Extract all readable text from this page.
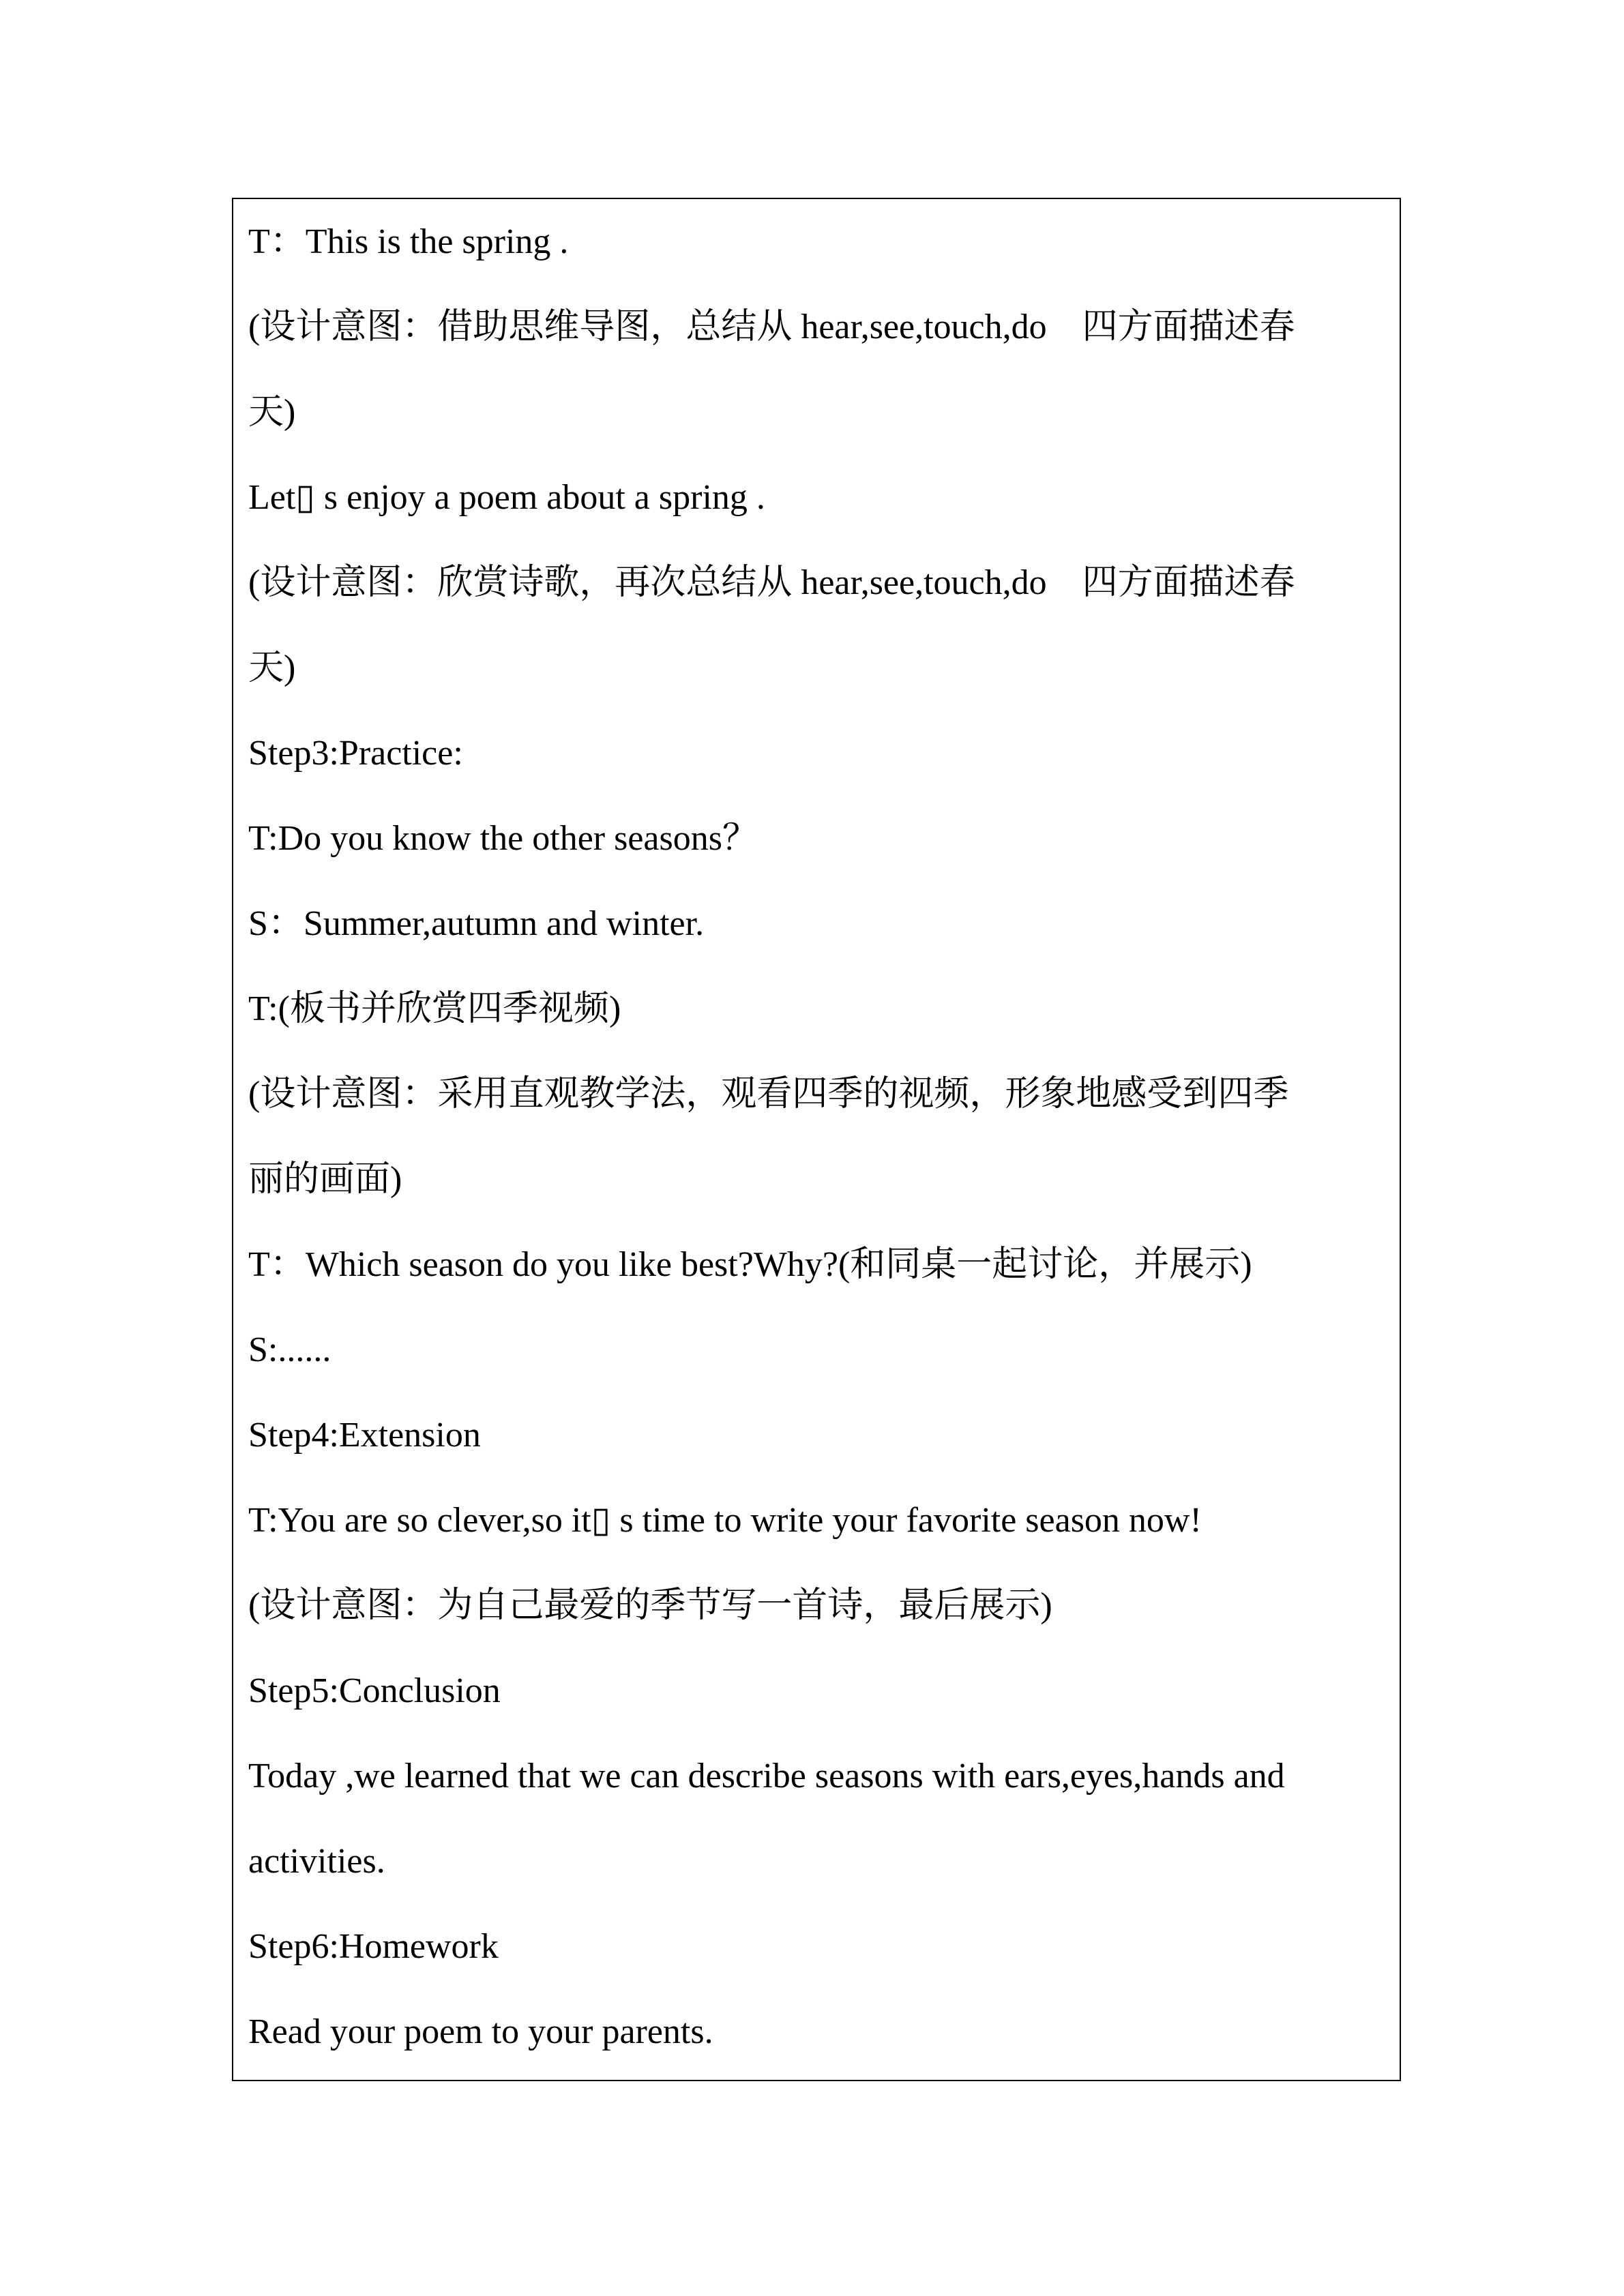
T：This is the spring .
(设计意图：借助思维导图，总结从 hear,see,touch,do　四方面描述春
天)
Let▯ s enjoy a poem about a spring .
(设计意图：欣赏诗歌，再次总结从 hear,see,touch,do　四方面描述春
天)
Step3:Practice:
T:Do you know the other seasons？
S：Summer,autumn and winter.
T:(板书并欣赏四季视频)
(设计意图：采用直观教学法，观看四季的视频，形象地感受到四季
丽的画面)
T：Which season do you like best?Why?(和同桌一起讨论，并展示)
S:......
Step4:Extension
T:You are so clever,so it▯ s time to write your favorite season now!
(设计意图：为自己最爱的季节写一首诗，最后展示)
Step5:Conclusion
Today ,we learned that we can describe seasons with ears,eyes,hands and
activities.
Step6:Homework
Read your poem to your parents.
